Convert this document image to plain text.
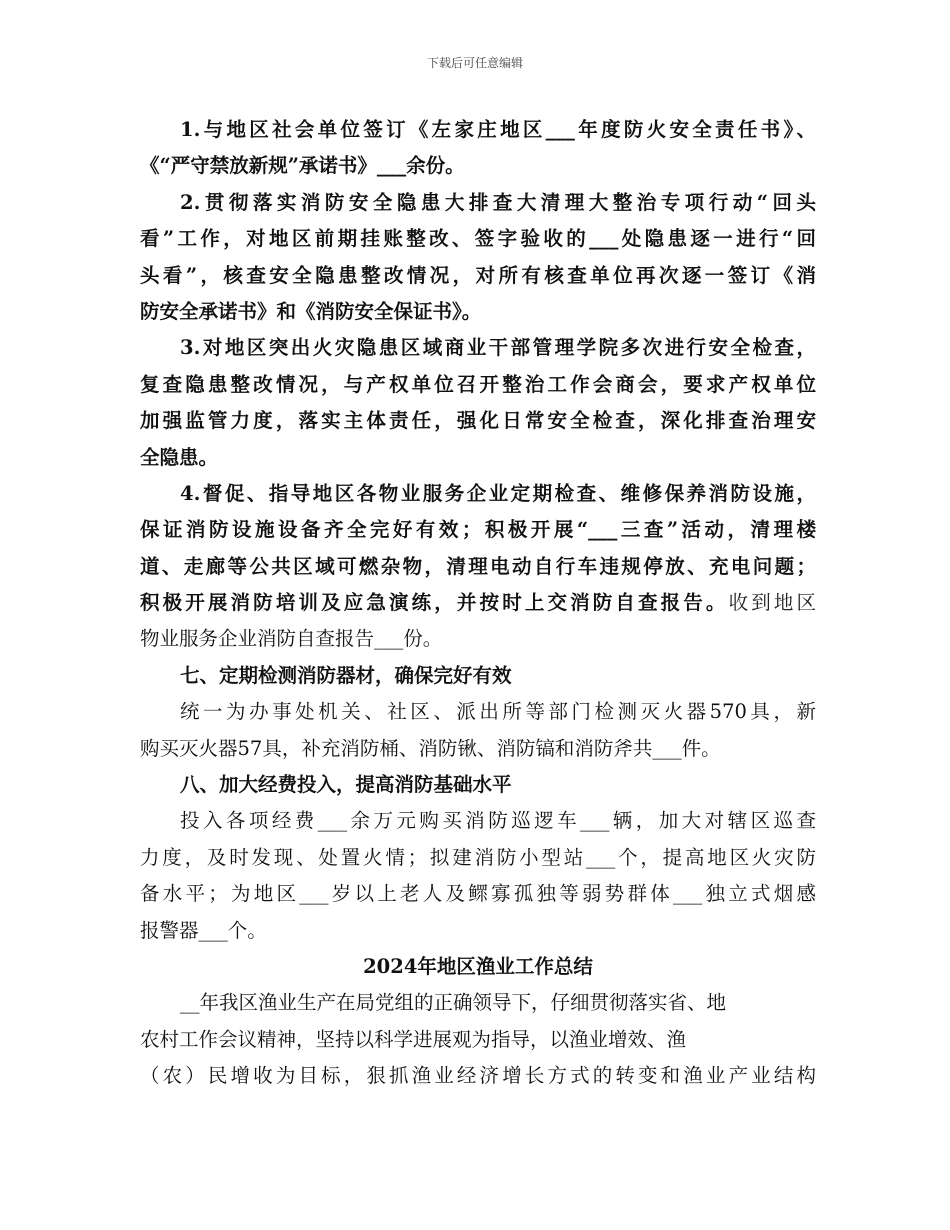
下载后可任意编辑
1.与地区社会单位签订《左家庄地区___年度防火安全责任书》、
《“严守禁放新规”承诺书》___余份。
2.贯彻落实消防安全隐患大排查大清理大整治专项行动“回头
看”工作，对地区前期挂账整改、签字验收的___处隐患逐一进行“回
头看”，核查安全隐患整改情况，对所有核查单位再次逐一签订《消
防安全承诺书》和《消防安全保证书》。
3.对地区突出火灾隐患区域商业干部管理学院多次进行安全检查，
复查隐患整改情况，与产权单位召开整治工作会商会，要求产权单位
加强监管力度，落实主体责任，强化日常安全检查，深化排查治理安
全隐患。
4.督促、指导地区各物业服务企业定期检查、维修保养消防设施，
保证消防设施设备齐全完好有效；积极开展“___三查”活动，清理楼
道、走廊等公共区域可燃杂物，清理电动自行车违规停放、充电问题；
积极开展消防培训及应急演练，并按时上交消防自查报告。收到地区
物业服务企业消防自查报告___份。
七、定期检测消防器材，确保完好有效
统一为办事处机关、社区、派出所等部门检测灭火器570具，新
购买灭火器57具，补充消防桶、消防锹、消防镐和消防斧共___件。
八、加大经费投入，提高消防基础水平
投入各项经费___余万元购买消防巡逻车___辆，加大对辖区巡查
力度，及时发现、处置火情；拟建消防小型站___个，提高地区火灾防
备水平；为地区___岁以上老人及鳏寡孤独等弱势群体___独立式烟感
报警器___个。
2024年地区渔业工作总结
__年我区渔业生产在局党组的正确领导下，仔细贯彻落实省、地
农村工作会议精神，坚持以科学进展观为指导，以渔业增效、渔
（农）民增收为目标，狠抓渔业经济增长方式的转变和渔业产业结构
